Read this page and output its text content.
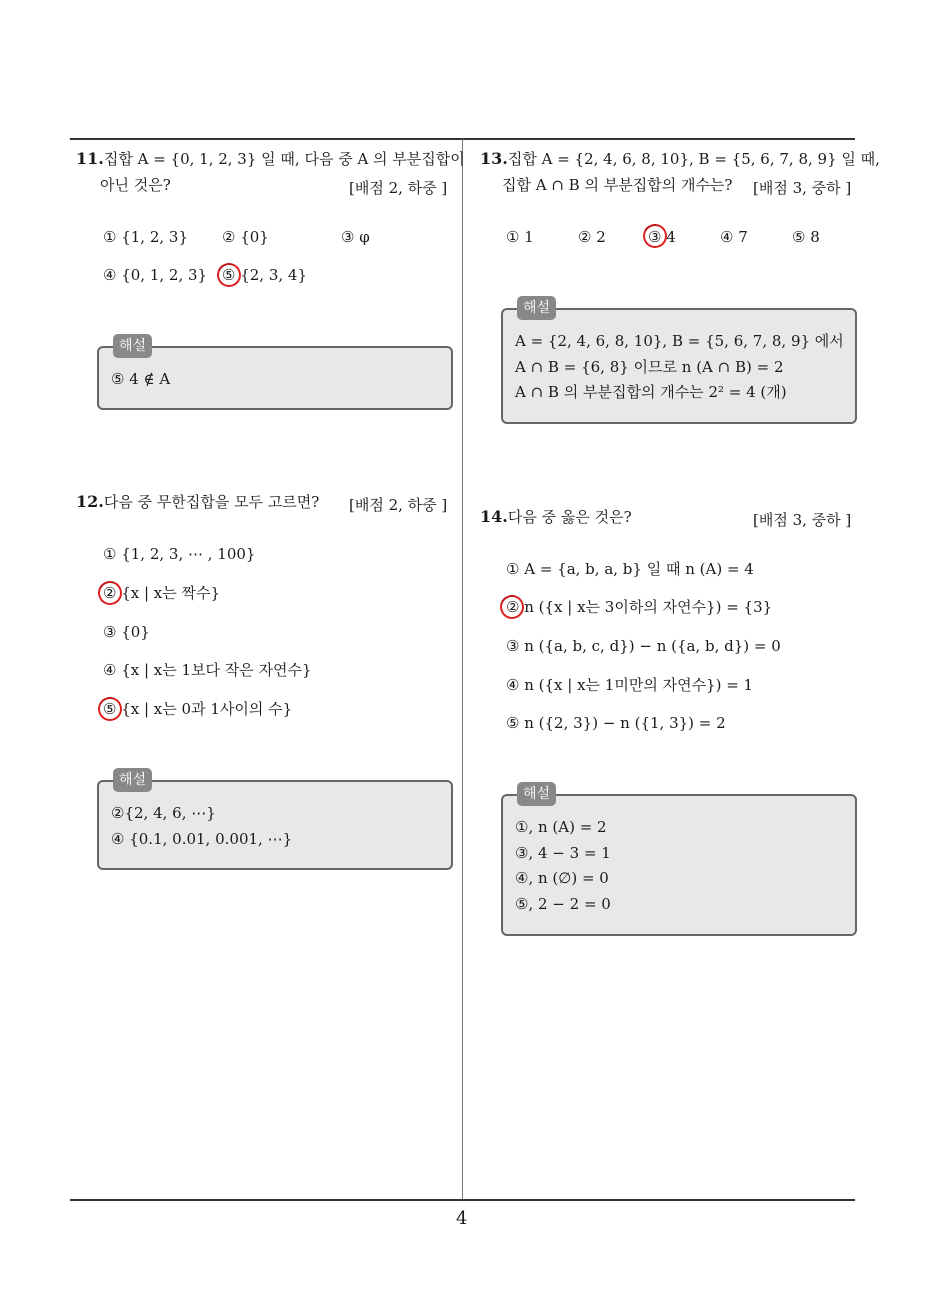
11.집합 A = {0, 1, 2, 3} 일 때, 다음 중 A 의 부분집합이
아닌 것은?	[배점 2, 하중 ]
① {1, 2, 3} ② {0}	③ φ
④ {0, 1, 2, 3} ⑤ {2, 3, 4}
해설
⑤ 4 ∉ A
12.다음 중 무한집합을 모두 고르면? [배점 2, 하중 ]
① {1, 2, 3, ⋯ , 100}
② {x | x는 짝수}
③ {0}
④ {x | x는 1보다 작은 자연수}
⑤ {x | x는 0과 1사이의 수}
해설
②{2, 4, 6, ⋯}
④ {0.1, 0.01, 0.001, ⋯}
13.집합 A = {2, 4, 6, 8, 10}, B = {5, 6, 7, 8, 9} 일 때,
집합 A ∩ B 의 부분집합의 개수는? [배점 3, 중하 ]
① 1	② 2	③ 4	④ 7	⑤ 8
해설
A = {2, 4, 6, 8, 10}, B = {5, 6, 7, 8, 9} 에서
A ∩ B = {6, 8} 이므로 n (A ∩ B) = 2
A ∩ B 의 부분집합의 개수는 2² = 4 (개)
14.다음 중 옳은 것은?	[배점 3, 중하 ]
① A = {a, b, a, b} 일 때 n (A) = 4
② n ({x | x는 3이하의 자연수}) = {3}
③ n ({a, b, c, d}) − n ({a, b, d}) = 0
④ n ({x | x는 1미만의 자연수}) = 1
⑤ n ({2, 3}) − n ({1, 3}) = 2
해설
①, n (A) = 2
③, 4 − 3 = 1
④, n (∅) = 0
⑤, 2 − 2 = 0
4
